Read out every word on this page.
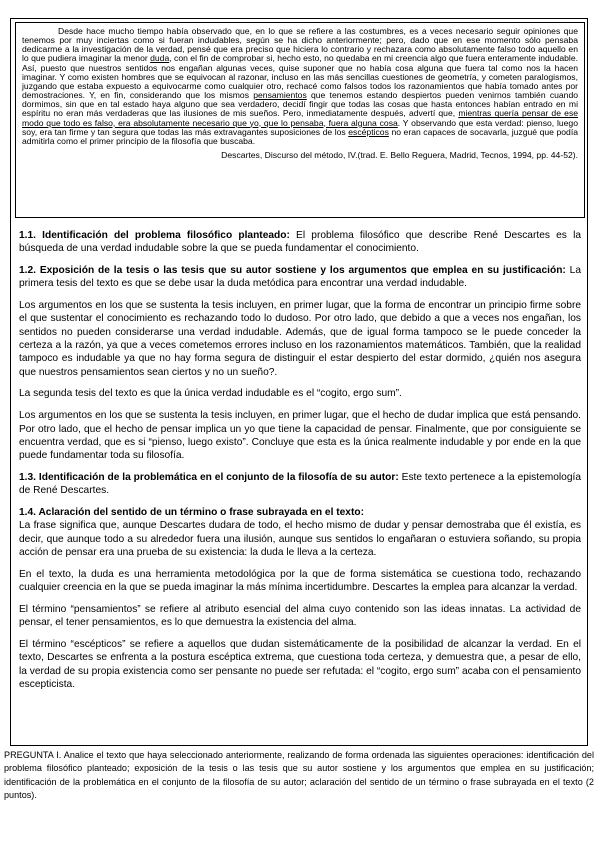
Desde hace mucho tiempo había observado que, en lo que se refiere a las costumbres, es a veces necesario seguir opiniones que tenemos por muy inciertas como si fueran indudables, según se ha dicho anteriormente; pero, dado que en ese momento sólo pensaba dedicarme a la investigación de la verdad, pensé que era preciso que hiciera lo contrario y rechazara como absolutamente falso todo aquello en lo que pudiera imaginar la menor duda, con el fin de comprobar si, hecho esto, no quedaba en mi creencia algo que fuera enteramente indudable. Así, puesto que nuestros sentidos nos engañan algunas veces, quise suponer que no había cosa alguna que fuera tal como nos la hacen imaginar. Y como existen hombres que se equivocan al razonar, incluso en las más sencillas cuestiones de geometría, y cometen paralogismos, juzgando que estaba expuesto a equivocarme como cualquier otro, rechacé como falsos todos los razonamientos que había tomado antes por demostraciones. Y, en fin, considerando que los mismos pensamientos que tenemos estando despiertos pueden venirnos también cuando dormimos, sin que en tal estado haya alguno que sea verdadero, decidí fingir que todas las cosas que hasta entonces habían entrado en mi espíritu no eran más verdaderas que las ilusiones de mis sueños. Pero, inmediatamente después, advertí que, mientras quería pensar de ese modo que todo es falso, era absolutamente necesario que yo, que lo pensaba, fuera alguna cosa. Y observando que esta verdad: pienso, luego soy, era tan firme y tan segura que todas las más extravagantes suposiciones de los escépticos no eran capaces de socavarla, juzgué que podía admitirla como el primer principio de la filosofía que buscaba.

Descartes, Discurso del método, IV.(trad. E. Bello Reguera, Madrid, Tecnos, 1994, pp. 44-52).

1.1. Identificación del problema filosófico planteado: El problema filosófico que describe René Descartes es la búsqueda de una verdad indudable sobre la que se pueda fundamentar el conocimiento.

1.2. Exposición de la tesis o las tesis que su autor sostiene y los argumentos que emplea en su justificación: La primera tesis del texto es que se debe usar la duda metódica para encontrar una verdad indudable.

Los argumentos en los que se sustenta la tesis incluyen, en primer lugar, que la forma de encontrar un principio firme sobre el que sustentar el conocimiento es rechazando todo lo dudoso. Por otro lado, que debido a que a veces nos engañan, los sentidos no pueden considerarse una verdad indudable. Además, que de igual forma tampoco se le puede conceder la certeza a la razón, ya que a veces cometemos errores incluso en los razonamientos matemáticos. También, que la realidad tampoco es indudable ya que no hay forma segura de distinguir el estar despierto del estar dormido, ¿quién nos asegura que nuestros pensamientos sean ciertos y no un sueño?.

La segunda tesis del texto es que la única verdad indudable es el “cogito, ergo sum”.

Los argumentos en los que se sustenta la tesis incluyen, en primer lugar, que el hecho de dudar implica que está pensando. Por otro lado, que el hecho de pensar implica un yo que tiene la capacidad de pensar. Finalmente, que por consiguiente se encuentra verdad, que es si “pienso, luego existo”. Concluye que esta es la única realmente indudable y por ende en la que puede fundamentar toda su filosofía.

1.3. Identificación de la problemática en el conjunto de la filosofía de su autor: Este texto pertenece a la epistemología de René Descartes.

1.4. Aclaración del sentido de un término o frase subrayada en el texto:

La frase significa que, aunque Descartes dudara de todo, el hecho mismo de dudar y pensar demostraba que él existía, es decir, que aunque todo a su alrededor fuera una ilusión, aunque sus sentidos lo engañaran o estuviera soñando, su propia acción de pensar era una prueba de su existencia: la duda le lleva a la certeza.

En el texto, la duda es una herramienta metodológica por la que de forma sistemática se cuestiona todo, rechazando cualquier creencia en la que se pueda imaginar la más mínima incertidumbre. Descartes la emplea para alcanzar la verdad.

El término “pensamientos” se refiere al atributo esencial del alma cuyo contenido son las ideas innatas. La actividad de pensar, el tener pensamientos, es lo que demuestra la existencia del alma.

El término “escépticos” se refiere a aquellos que dudan sistemáticamente de la posibilidad de alcanzar la verdad. En el texto, Descartes se enfrenta a la postura escéptica extrema, que cuestiona toda certeza, y demuestra que, a pesar de ello, la verdad de su propia existencia como ser pensante no puede ser refutada: el “cogito, ergo sum” acaba con el pensamiento escepticista.

PREGUNTA I. Analice el texto que haya seleccionado anteriormente, realizando de forma ordenada las siguientes operaciones: identificación del problema filosófico planteado; exposición de la tesis o las tesis que su autor sostiene y los argumentos que emplea en su justificación; identificación de la problemática en el conjunto de la filosofía de su autor; aclaración del sentido de un término o frase subrayada en el texto (2 puntos).
